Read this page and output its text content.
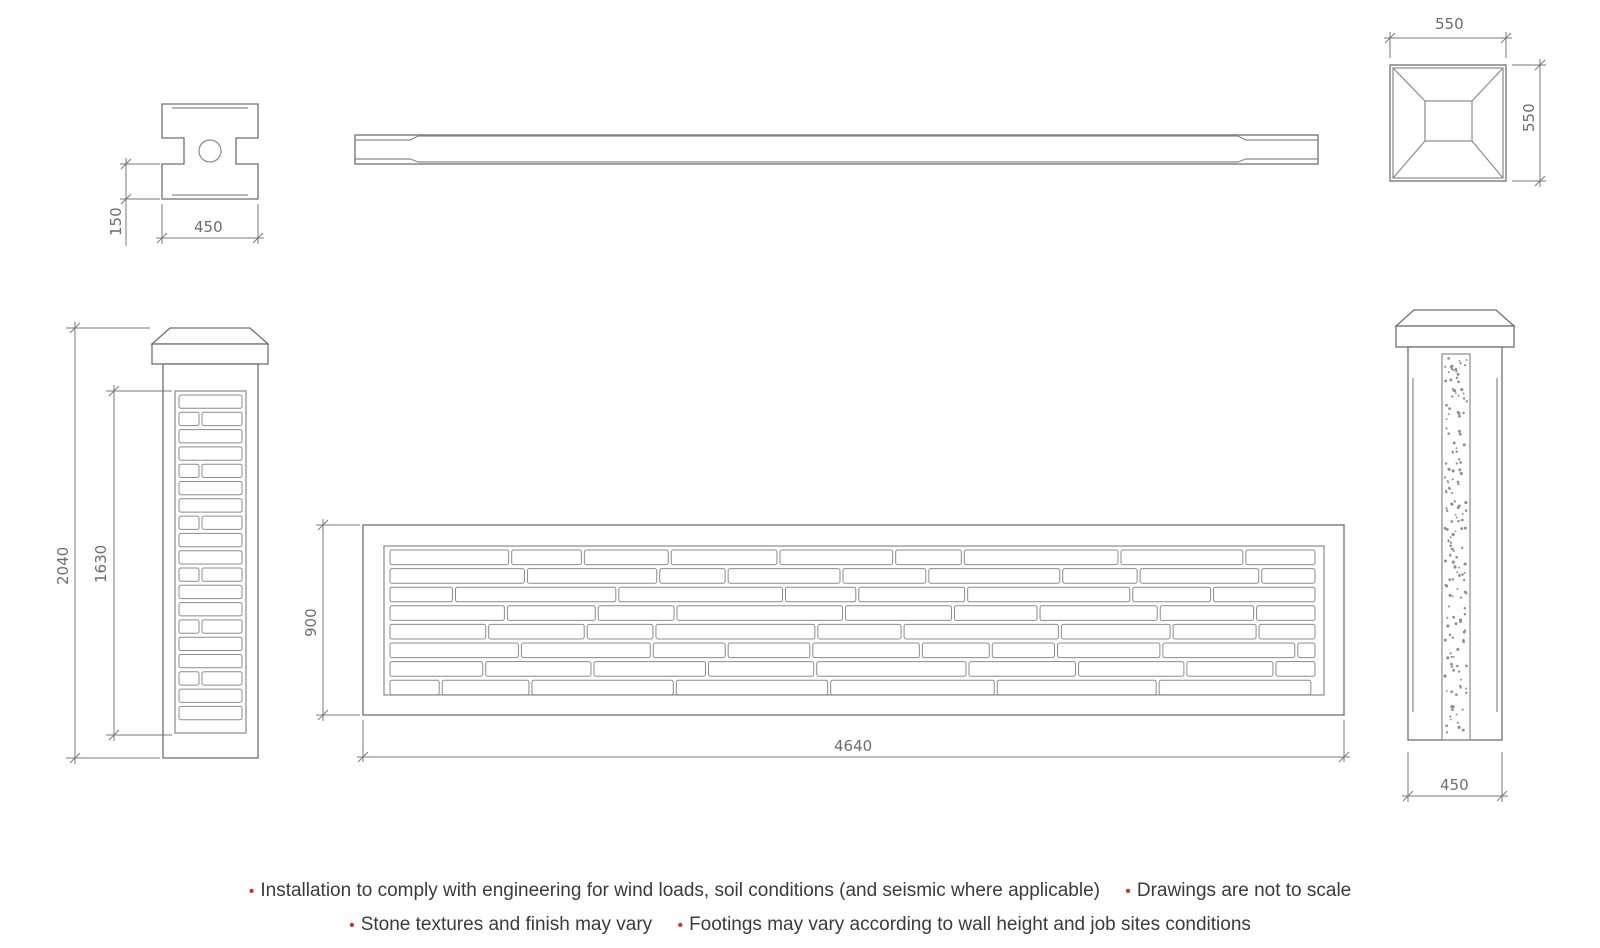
150	450
550
550
2040 1630
900
4640
450
• Installation to comply with engineering for wind loads, soil conditions (and seismic where applicable) • Drawings are not to scale
• Stone textures and finish may vary • Footings may vary according to wall height and job sites conditions
